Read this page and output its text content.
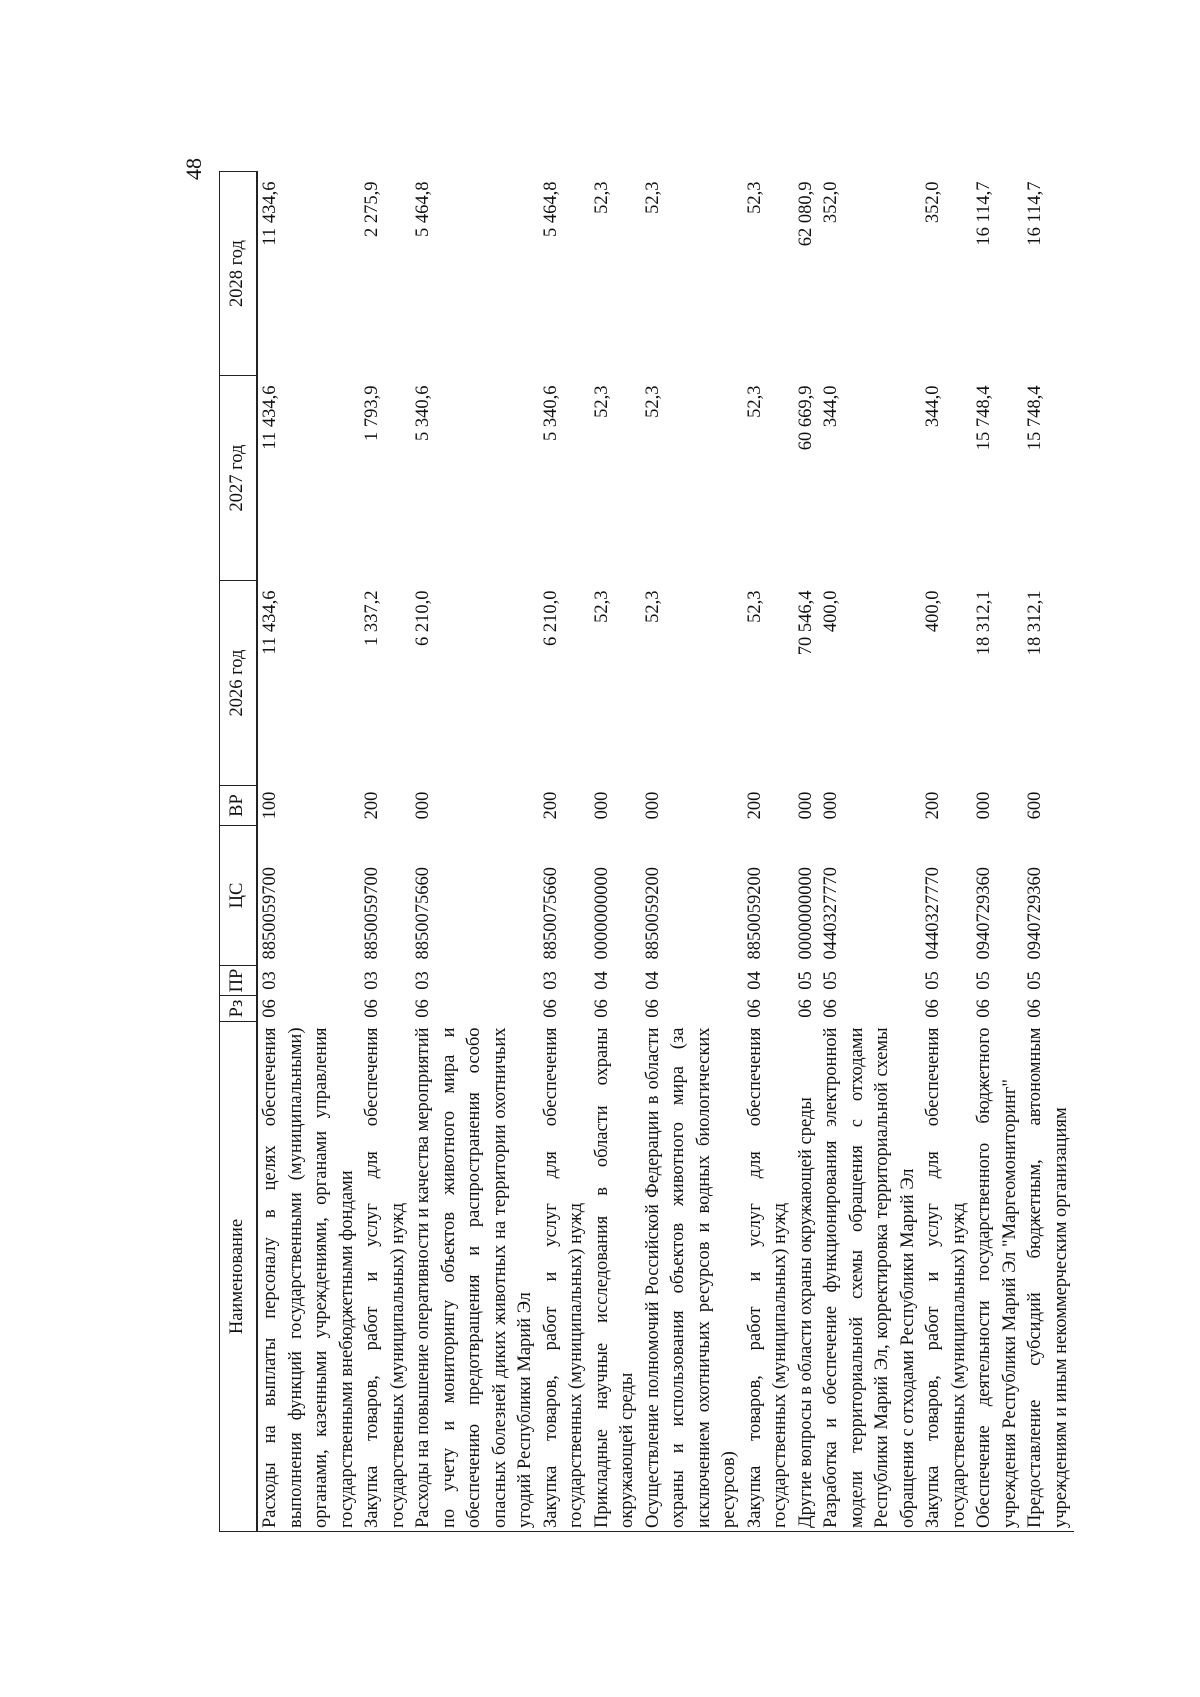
48
Наименование	Рз	ПР	ЦС	ВР	2026 год	2027 год	2028 год
Расходы на выплаты персоналу в целях обеспечения выполнения функций государственными (муниципальными) органами, казенными учреждениями, органами управления государственными внебюджетными фондами	06	03	8850059700	100	11 434,6	11 434,6	11 434,6
Закупка товаров, работ и услуг для обеспечения государственных (муниципальных) нужд	06	03	8850059700	200	1 337,2	1 793,9	2 275,9
Расходы на повышение оперативности и качества мероприятий по учету и мониторингу объектов животного мира и обеспечению предотвращения и распространения особо опасных болезней диких животных на территории охотничьих угодий Республики Марий Эл	06	03	8850075660	000	6 210,0	5 340,6	5 464,8
Закупка товаров, работ и услуг для обеспечения государственных (муниципальных) нужд	06	03	8850075660	200	6 210,0	5 340,6	5 464,8
Прикладные научные исследования в области охраны окружающей среды	06	04	0000000000	000	52,3	52,3	52,3
Осуществление полномочий Российской Федерации в области охраны и использования объектов животного мира (за исключением охотничьих ресурсов и водных биологических ресурсов)	06	04	8850059200	000	52,3	52,3	52,3
Закупка товаров, работ и услуг для обеспечения государственных (муниципальных) нужд	06	04	8850059200	200	52,3	52,3	52,3
Другие вопросы в области охраны окружающей среды	06	05	0000000000	000	70 546,4	60 669,9	62 080,9
Разработка и обеспечение функционирования электронной модели территориальной схемы обращения с отходами Республики Марий Эл, корректировка территориальной схемы обращения с отходами Республики Марий Эл	06	05	0440327770	000	400,0	344,0	352,0
Закупка товаров, работ и услуг для обеспечения государственных (муниципальных) нужд	06	05	0440327770	200	400,0	344,0	352,0
Обеспечение деятельности государственного бюджетного учреждения Республики Марий Эл "Маргеомониторинг"	06	05	0940729360	000	18 312,1	15 748,4	16 114,7
Предоставление субсидий бюджетным, автономным учреждениям и иным некоммерческим организациям	06	05	0940729360	600	18 312,1	15 748,4	16 114,7
